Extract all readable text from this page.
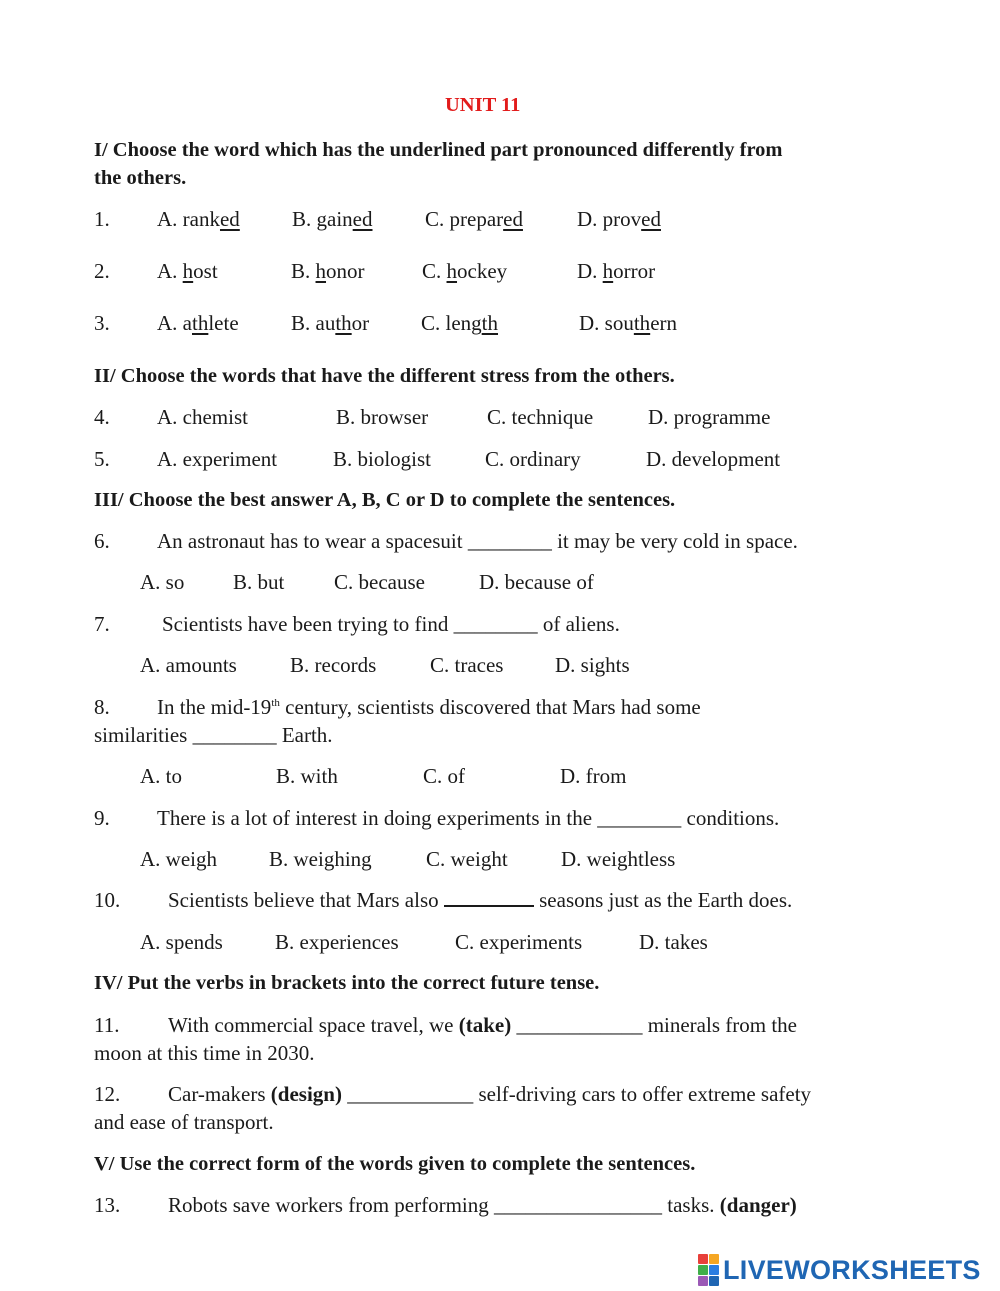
UNIT 11
I/ Choose the word which has the underlined part pronounced differently from
the others.
1. A. ranked B. gained	C. prepared	D. proved
2. A. host	B. honor	C. hockey	D. horror
3. A. athlete B. author C. length	D. southern
II/ Choose the words that have the different stress from the others.
4. A. chemist	B. browser	C. technique	D. programme
5. A. experiment	B. biologist	C. ordinary	D. development
III/ Choose the best answer A, B, C or D to complete the sentences.
6. An astronaut has to wear a spacesuit ________ it may be very cold in space.
A. so B. but C. because	D. because of
7. Scientists have been trying to find ________ of aliens.
A. amounts	B. records	C. traces D. sights
8. In the mid-19th century, scientists discovered that Mars had some
similarities ________ Earth.
A. to	B. with	C. of	D. from
9. There is a lot of interest in doing experiments in the ________ conditions.
A. weigh B. weighing	C. weight	D. weightless
10. Scientists believe that Mars also	seasons just as the Earth does.
A. spends B. experiences	C. experiments	D. takes
IV/ Put the verbs in brackets into the correct future tense.
11. With commercial space travel, we (take) ____________ minerals from the
moon at this time in 2030.
12. Car-makers (design) ____________ self-driving cars to offer extreme safety
and ease of transport.
V/ Use the correct form of the words given to complete the sentences.
13. Robots save workers from performing ________________ tasks. (danger)
LIVEWORKSHEETS
